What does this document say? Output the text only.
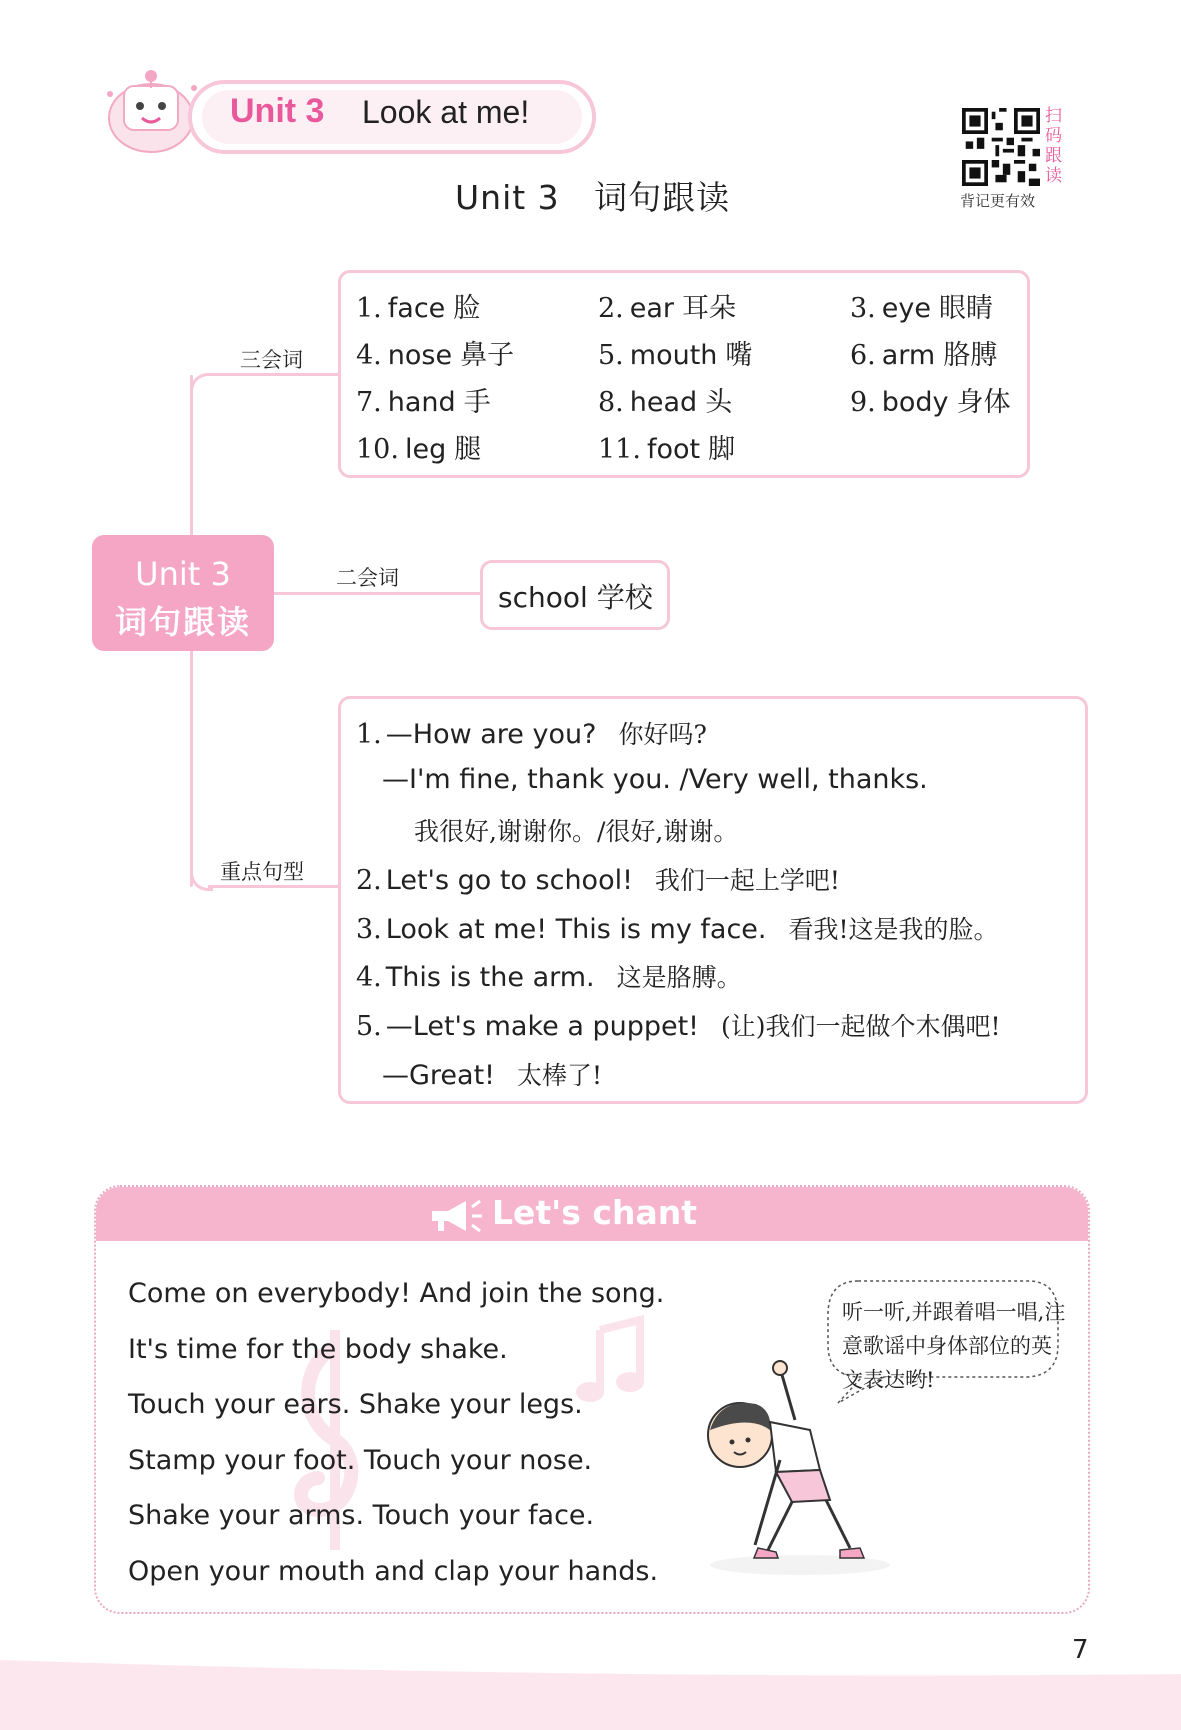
Unit 3 Look at me!	扫码跟读
背记更有效
Unit 3   词句跟读
Unit 3
词句跟读
三会词
二会词
重点句型
1. face 脸	2. ear 耳朵	3. eye 眼睛
4. nose 鼻子	5. mouth 嘴	6. arm 胳膊
7. hand 手	8. head 头	9. body 身体
10. leg 腿	11. foot 脚
school 学校
1. —How are you? 你好吗?
—I'm fine, thank you. /Very well, thanks.
我很好,谢谢你。/很好,谢谢。
2. Let's go to school! 我们一起上学吧!
3. Look at me! This is my face. 看我!这是我的脸。
4. This is the arm. 这是胳膊。
5. —Let's make a puppet! (让)我们一起做个木偶吧!
—Great! 太棒了!
Let's chant
Come on everybody! And join the song.
It's time for the body shake.
Touch your ears. Shake your legs.
Stamp your foot. Touch your nose.
Shake your arms. Touch your face.
Open your mouth and clap your hands.
听一听,并跟着唱一唱,注意歌谣中身体部位的英文表达哟!
7
